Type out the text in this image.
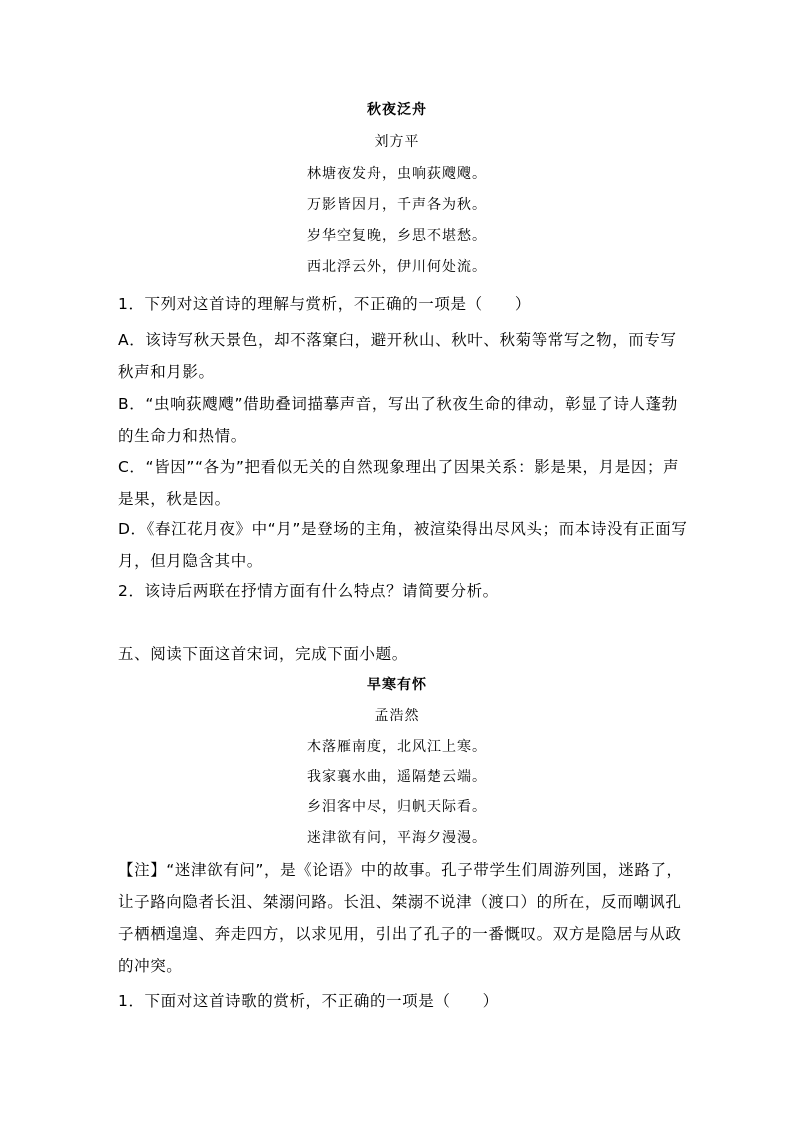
秋夜泛舟
刘方平
林塘夜发舟，虫响荻飕飕。
万影皆因月，千声各为秋。
岁华空复晚，乡思不堪愁。
西北浮云外，伊川何处流。
1．下列对这首诗的理解与赏析，不正确的一项是（　　）
A．该诗写秋天景色，却不落窠臼，避开秋山、秋叶、秋菊等常写之物，而专写
秋声和月影。
B．“虫响荻飕飕”借助叠词描摹声音，写出了秋夜生命的律动，彰显了诗人蓬勃
的生命力和热情。
C．“皆因”“各为”把看似无关的自然现象理出了因果关系：影是果，月是因；声
是果，秋是因。
D．《春江花月夜》中“月”是登场的主角，被渲染得出尽风头；而本诗没有正面写
月，但月隐含其中。
2．该诗后两联在抒情方面有什么特点？请简要分析。
五、阅读下面这首宋词，完成下面小题。
早寒有怀
孟浩然
木落雁南度，北风江上寒。
我家襄水曲，遥隔楚云端。
乡泪客中尽，归帆天际看。
迷津欲有问，平海夕漫漫。
【注】“迷津欲有问”，是《论语》中的故事。孔子带学生们周游列国，迷路了，
让子路向隐者长沮、桀溺问路。长沮、桀溺不说津（渡口）的所在，反而嘲讽孔
子栖栖遑遑、奔走四方，以求见用，引出了孔子的一番慨叹。双方是隐居与从政
的冲突。
1．下面对这首诗歌的赏析，不正确的一项是（　　）
